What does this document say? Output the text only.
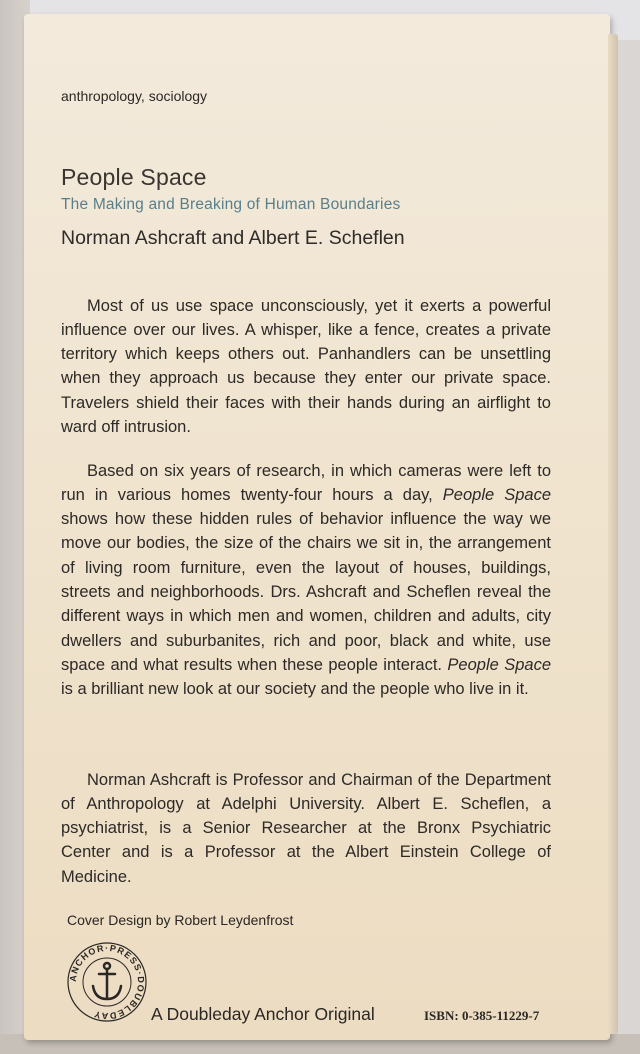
anthropology, sociology
People Space
The Making and Breaking of Human Boundaries
Norman Ashcraft and Albert E. Scheflen

Most of us use space unconsciously, yet it exerts a powerful influence over our lives. A whisper, like a fence, creates a private territory which keeps others out. Panhandlers can be unsettling when they approach us because they enter our private space. Travelers shield their faces with their hands during an airflight to ward off intrusion.

Based on six years of research, in which cameras were left to run in various homes twenty-four hours a day, People Space shows how these hidden rules of behavior influence the way we move our bodies, the size of the chairs we sit in, the arrangement of living room furniture, even the layout of houses, buildings, streets and neighborhoods. Drs. Ashcraft and Scheflen reveal the different ways in which men and women, children and adults, city dwellers and suburbanites, rich and poor, black and white, use space and what results when these people interact. People Space is a brilliant new look at our society and the people who live in it.

Norman Ashcraft is Professor and Chairman of the Department of Anthropology at Adelphi University. Albert E. Scheflen, a psychiatrist, is a Senior Researcher at the Bronx Psychiatric Center and is a Professor at the Albert Einstein College of Medicine.

Cover Design by Robert Leydenfrost
ANCHOR·PRESS·DOUBLEDAY	A Doubleday Anchor Original	ISBN: 0-385-11229-7
